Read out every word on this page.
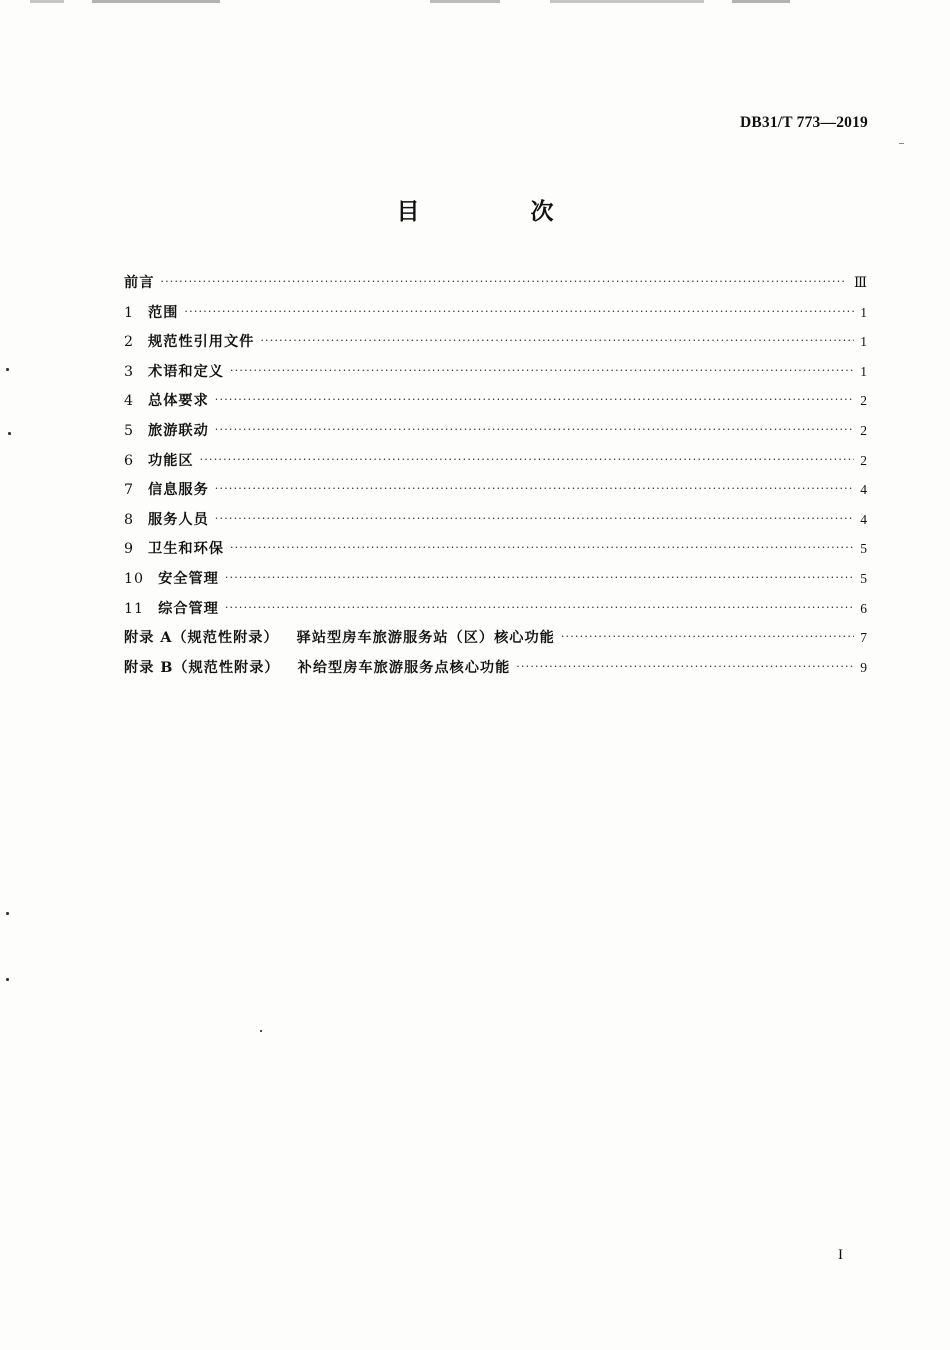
DB31/T 773—2019
目　次
前言 ·····	Ⅲ
1 范围 ·····	1
2 规范性引用文件 ·····	1
3 术语和定义 ·····	1
4 总体要求 ·····	2
5 旅游联动 ·····	2
6 功能区 ·····	2
7 信息服务 ·····	4
8 服务人员 ·····	4
9 卫生和环保 ·····	5
10 安全管理 ·····	5
11 综合管理 ·····	6
附录 A（规范性附录） 驿站型房车旅游服务站（区）核心功能 ·····	7
附录 B（规范性附录） 补给型房车旅游服务点核心功能 ·····	9
I
